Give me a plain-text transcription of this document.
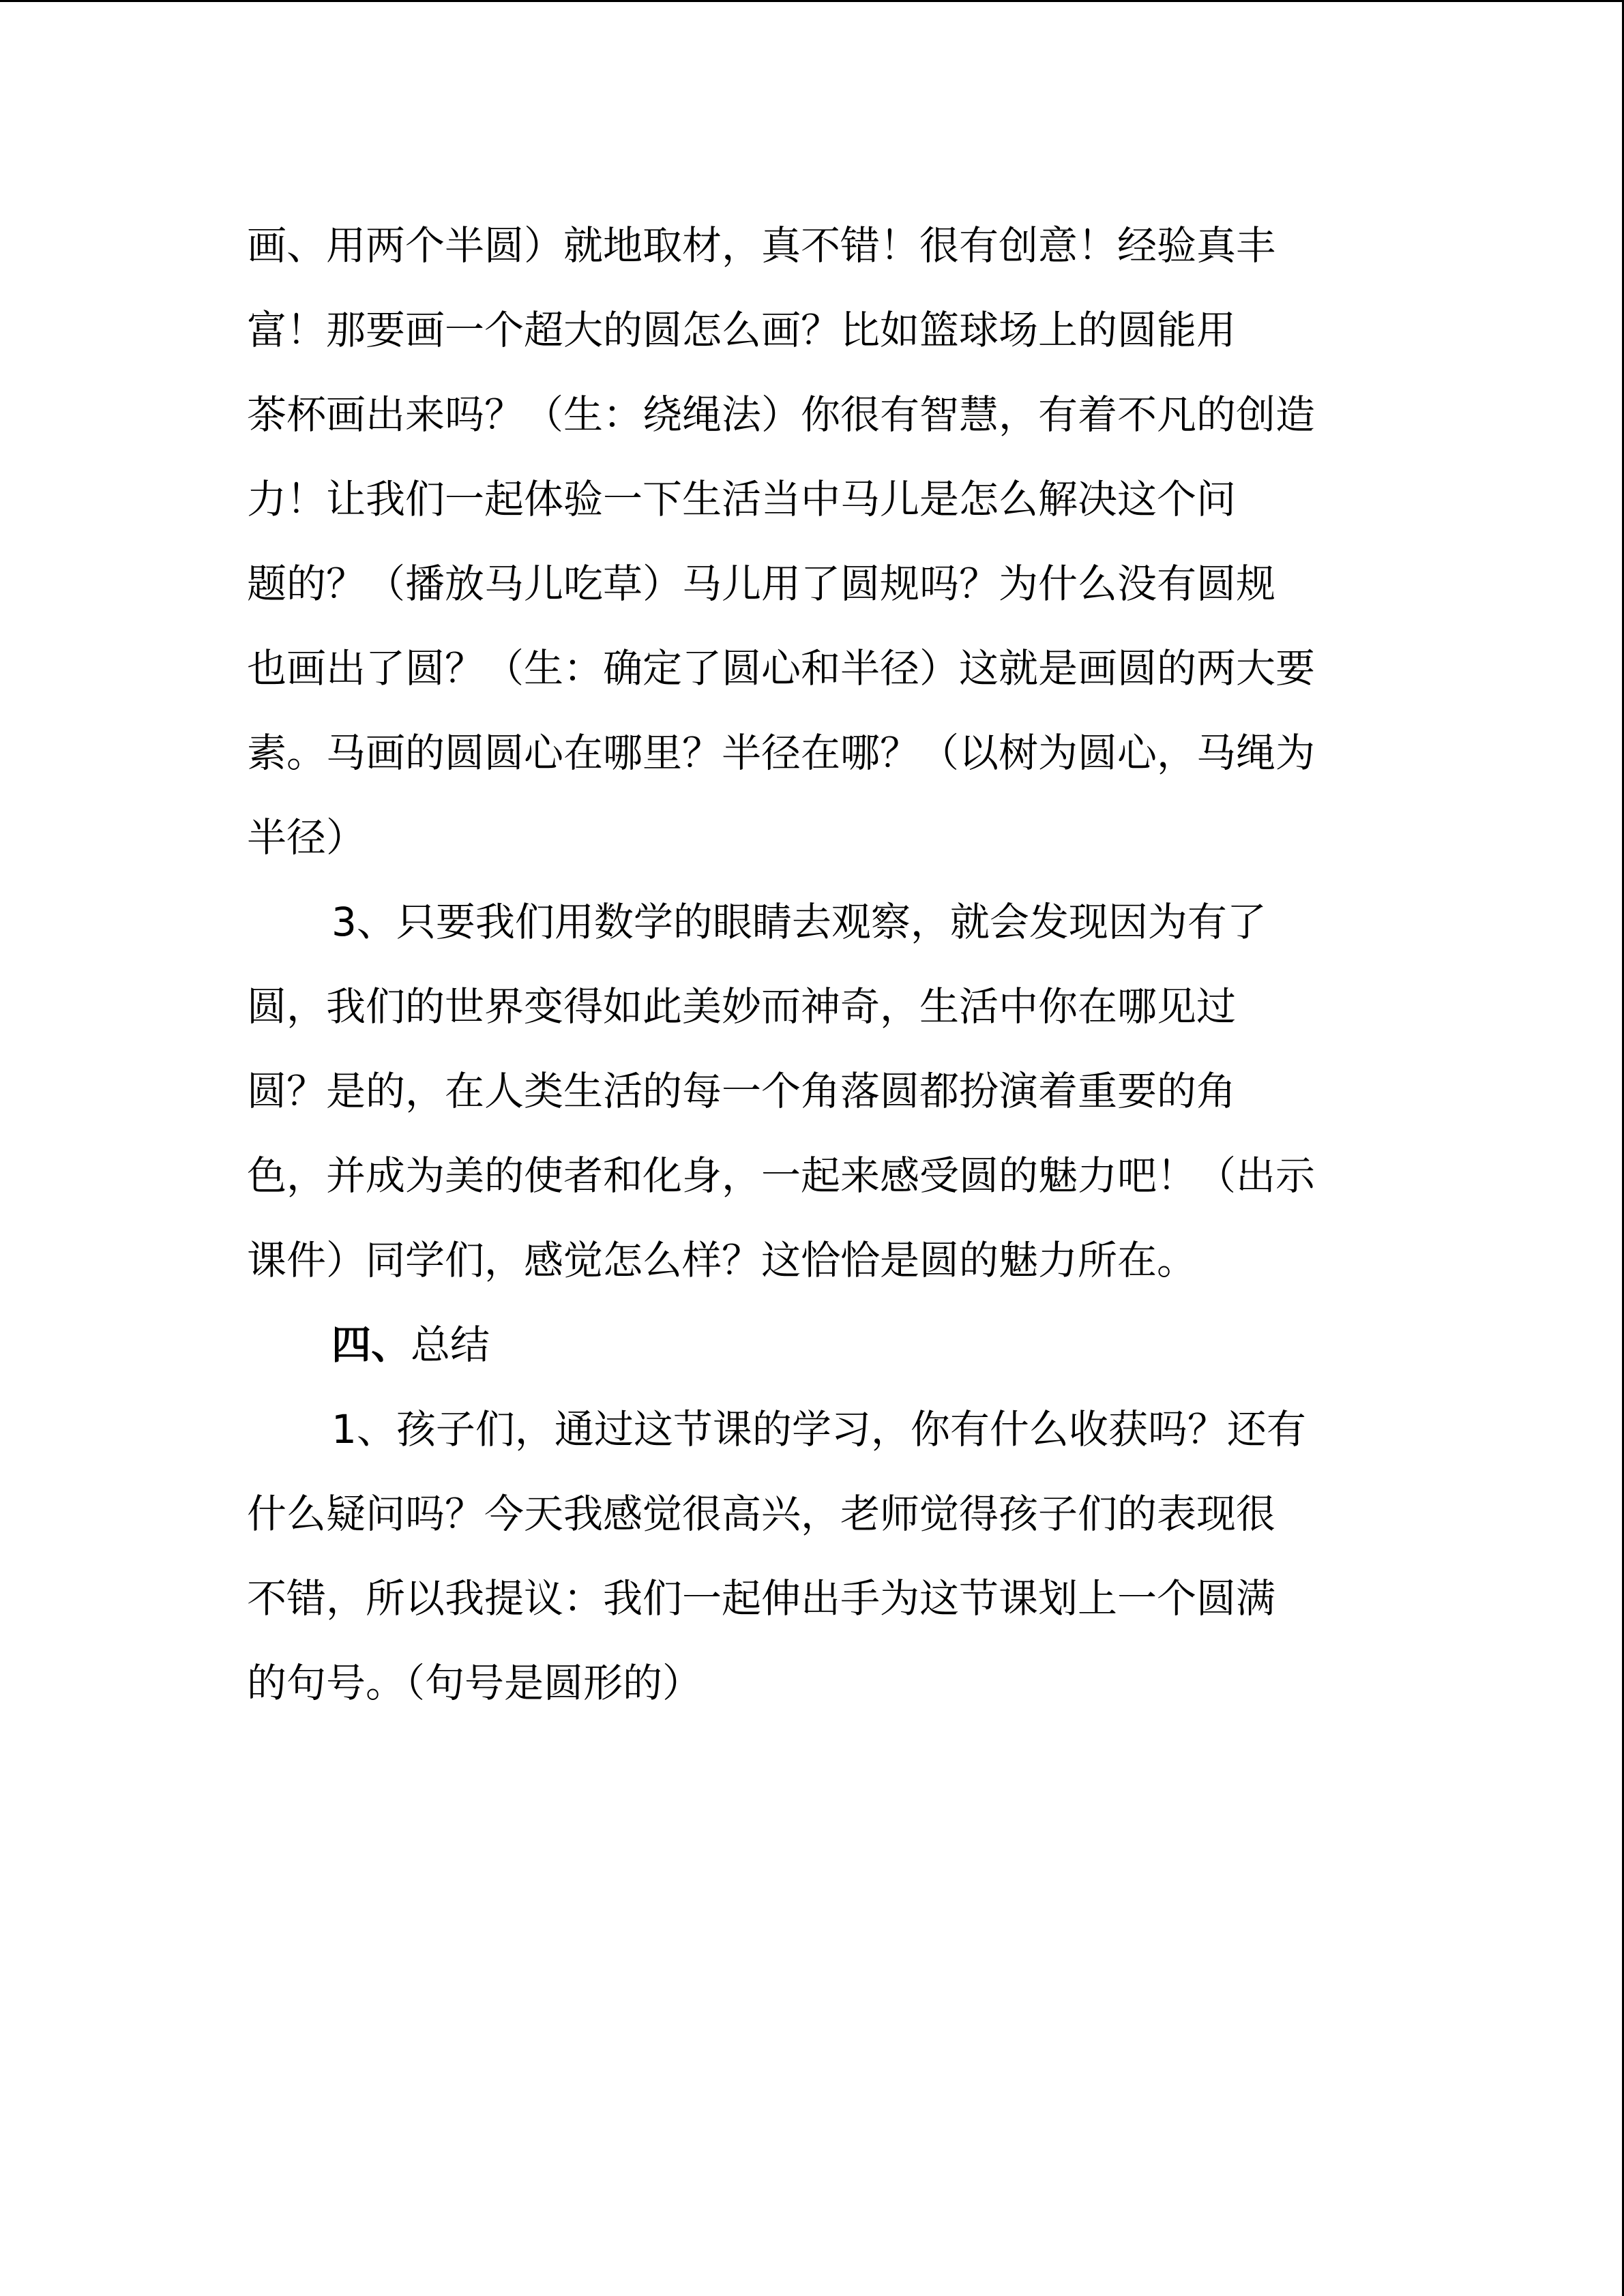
画、用两个半圆）就地取材，真不错！很有创意！经验真丰
富！那要画一个超大的圆怎么画？比如篮球场上的圆能用
茶杯画出来吗？（生：绕绳法）你很有智慧，有着不凡的创造
力！让我们一起体验一下生活当中马儿是怎么解决这个问
题的？（播放马儿吃草）马儿用了圆规吗？为什么没有圆规
也画出了圆？（生：确定了圆心和半径）这就是画圆的两大要
素。马画的圆圆心在哪里？半径在哪？（以树为圆心，马绳为
半径）
3、只要我们用数学的眼睛去观察，就会发现因为有了
圆，我们的世界变得如此美妙而神奇，生活中你在哪见过
圆？是的，在人类生活的每一个角落圆都扮演着重要的角
色，并成为美的使者和化身，一起来感受圆的魅力吧！（出示
课件）同学们，感觉怎么样？这恰恰是圆的魅力所在。
四、总结
1、孩子们，通过这节课的学习，你有什么收获吗？还有
什么疑问吗？今天我感觉很高兴，老师觉得孩子们的表现很
不错，所以我提议：我们一起伸出手为这节课划上一个圆满
的句号。（句号是圆形的）
